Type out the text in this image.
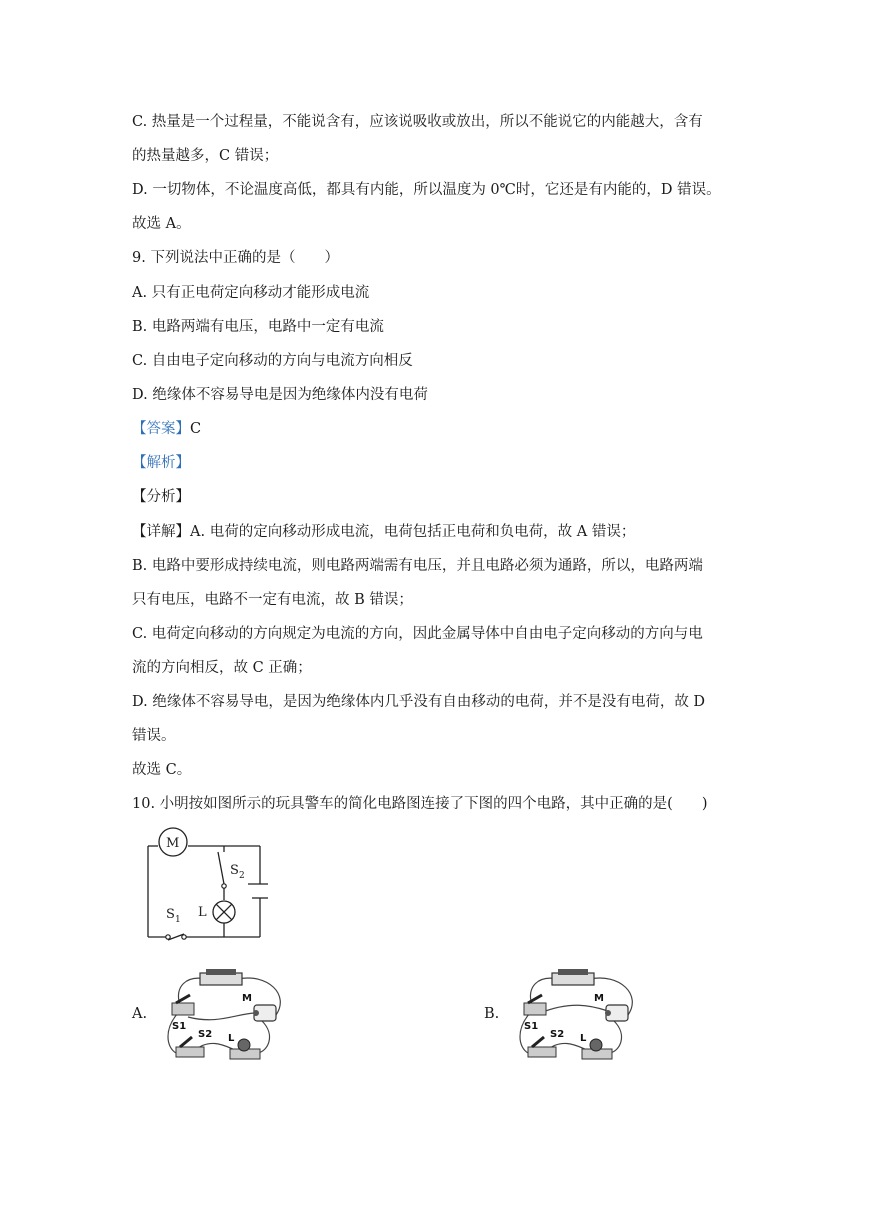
C. 热量是一个过程量，不能说含有，应该说吸收或放出，所以不能说它的内能越大，含有
的热量越多，C 错误；
D. 一切物体，不论温度高低，都具有内能，所以温度为 0℃时，它还是有内能的，D 错误。
故选 A。
9. 下列说法中正确的是（　　）
A. 只有正电荷定向移动才能形成电流
B. 电路两端有电压，电路中一定有电流
C. 自由电子定向移动的方向与电流方向相反
D. 绝缘体不容易导电是因为绝缘体内没有电荷
【答案】C
【解析】
【分析】
【详解】A. 电荷的定向移动形成电流，电荷包括正电荷和负电荷，故 A 错误；
B. 电路中要形成持续电流，则电路两端需有电压，并且电路必须为通路，所以，电路两端
只有电压，电路不一定有电流，故 B 错误；
C. 电荷定向移动的方向规定为电流的方向，因此金属导体中自由电子定向移动的方向与电
流的方向相反，故 C 正确；
D. 绝缘体不容易导电，是因为绝缘体内几乎没有自由移动的电荷，并不是没有电荷，故 D
错误。
故选 C。
10. 小明按如图所示的玩具警车的简化电路图连接了下图的四个电路，其中正确的是(　　)
M
S 2
L
S 1
A.
M
S1
S2 L
B.
M
S1
S2 L
